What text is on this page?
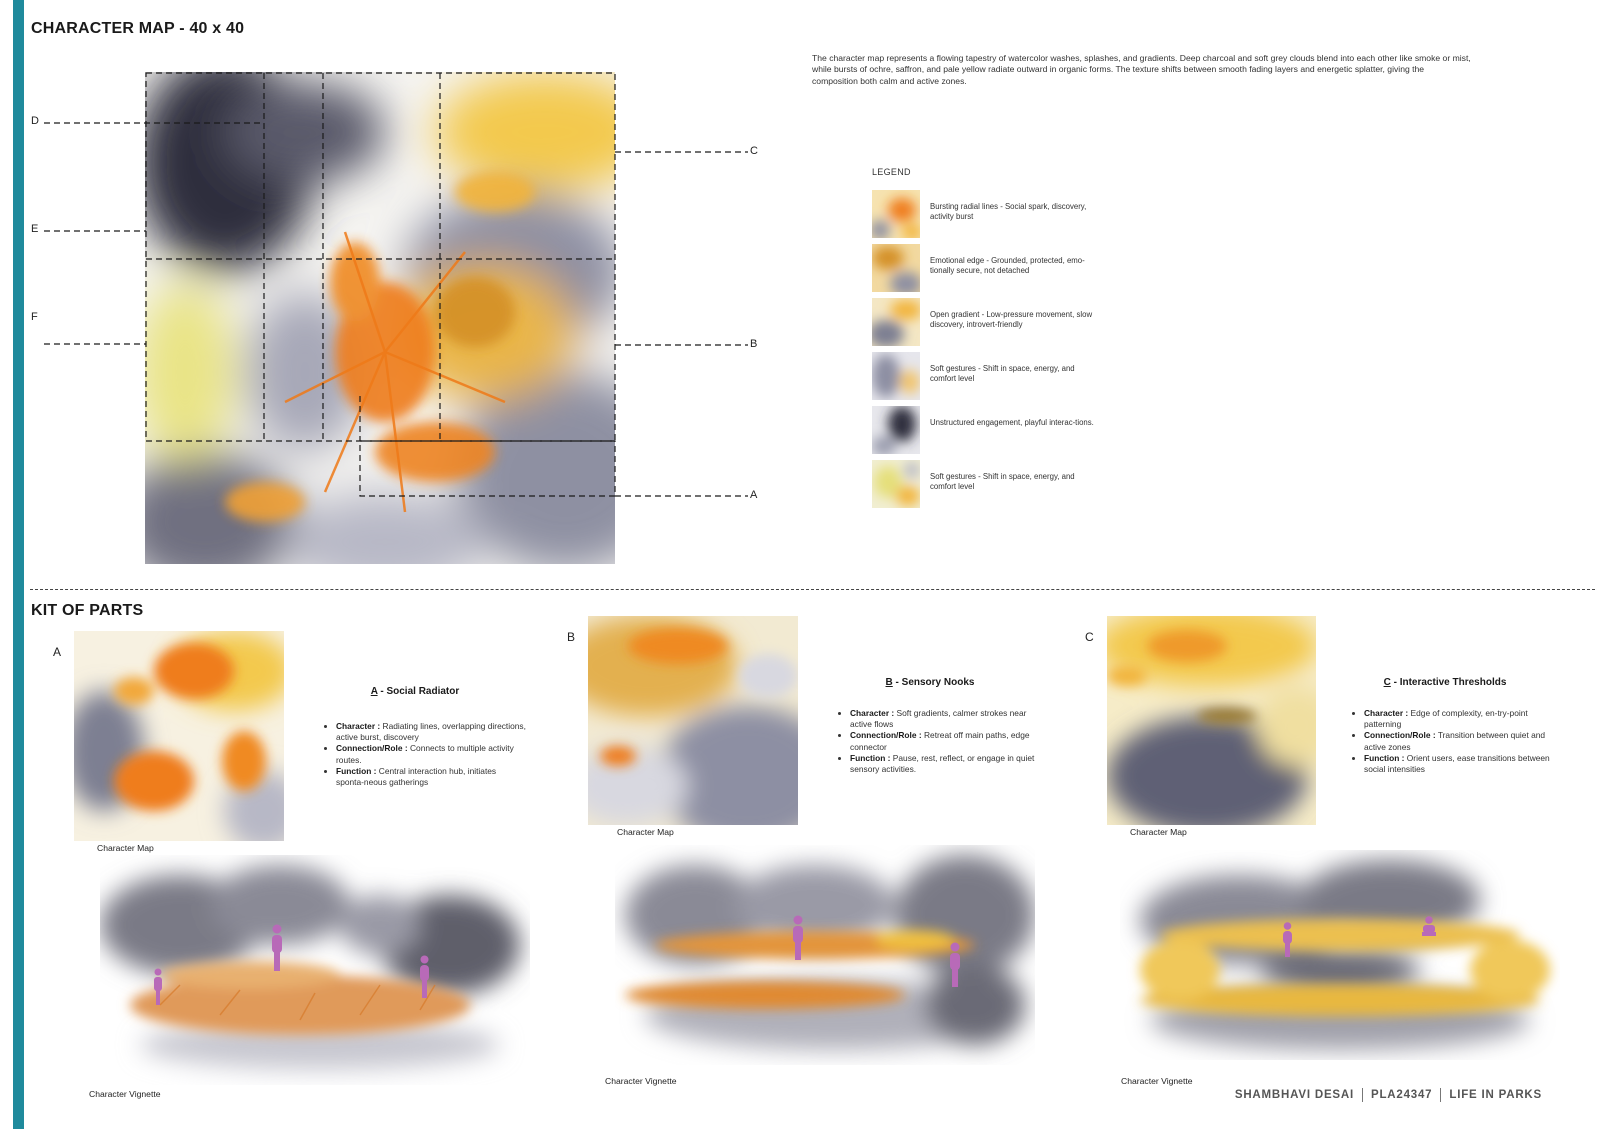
CHARACTER MAP - 40 x 40
The character map represents a flowing tapestry of watercolor washes, splashes, and gradients. Deep charcoal and soft grey clouds blend into each other like smoke or mist, while bursts of ochre, saffron, and pale yellow radiate outward in organic forms. The texture shifts between smooth fading layers and energetic splatter, giving the composition both calm and active zones.
D
E
F
C
B
A
LEGEND
Bursting radial lines - Social spark, discovery, activity burst
Emotional edge - Grounded, protected, emo-tionally secure, not detached
Open gradient - Low-pressure movement, slow discovery, introvert-friendly
Soft gestures - Shift in space, energy, and comfort level
Unstructured engagement, playful interac-tions.
Soft gestures - Shift in space, energy, and comfort level
KIT OF PARTS
A
Character Map
A - Social Radiator
• Character : Radiating lines, overlapping directions, active burst, discovery
• Connection/Role : Connects to multiple activity routes.
• Function : Central interaction hub, initiates sponta-neous gatherings
Character Vignette
B
Character Map
B - Sensory Nooks
• Character : Soft gradients, calmer strokes near active flows
• Connection/Role : Retreat off main paths, edge connector
• Function : Pause, rest, reflect, or engage in quiet sensory activities.
Character Vignette
C
Character Map
C - Interactive Thresholds
• Character : Edge of complexity, en-try-point patterning
• Connection/Role : Transition between quiet and active zones
• Function : Orient users, ease transitions between social intensities
Character Vignette
SHAMBHAVI DESAI PLA24347 LIFE IN PARKS
